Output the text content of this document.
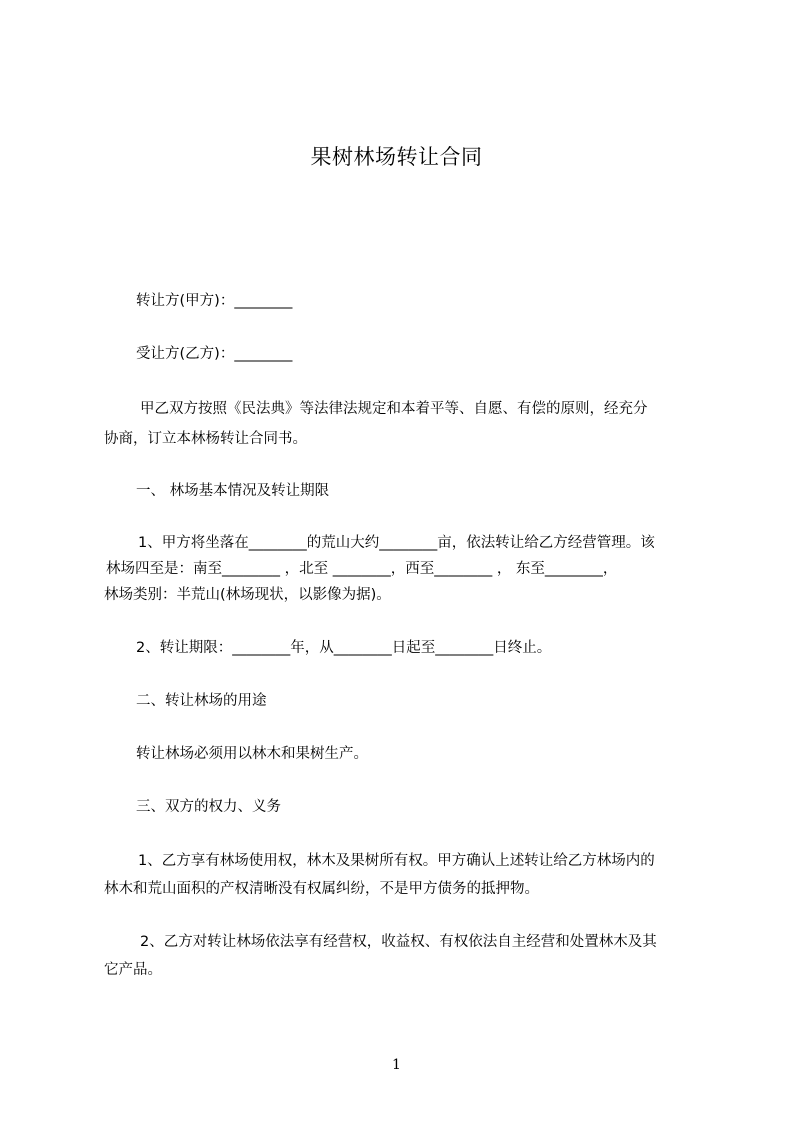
果树林场转让合同
转让方(甲方)：________
受让方(乙方)：________
甲乙双方按照《民法典》等法律法规定和本着平等、自愿、有偿的原则，经充分
协商，订立本林杨转让合同书。
一、 林场基本情况及转让期限
1、甲方将坐落在________的荒山大约________亩，依法转让给乙方经营管理。该
林场四至是：南至________ ，北至 ________，西至________ ， 东至________，
林场类别：半荒山(林场现状，以影像为据)。
2、转让期限：________年，从________日起至________日终止。
二、转让林场的用途
转让林场必须用以林木和果树生产。
三、双方的权力、义务
1、乙方享有林场使用权，林木及果树所有权。甲方确认上述转让给乙方林场内的
林木和荒山面积的产权清晰没有权属纠纷，不是甲方债务的抵押物。
2、乙方对转让林场依法享有经营权，收益权、有权依法自主经营和处置林木及其
它产品。
1
